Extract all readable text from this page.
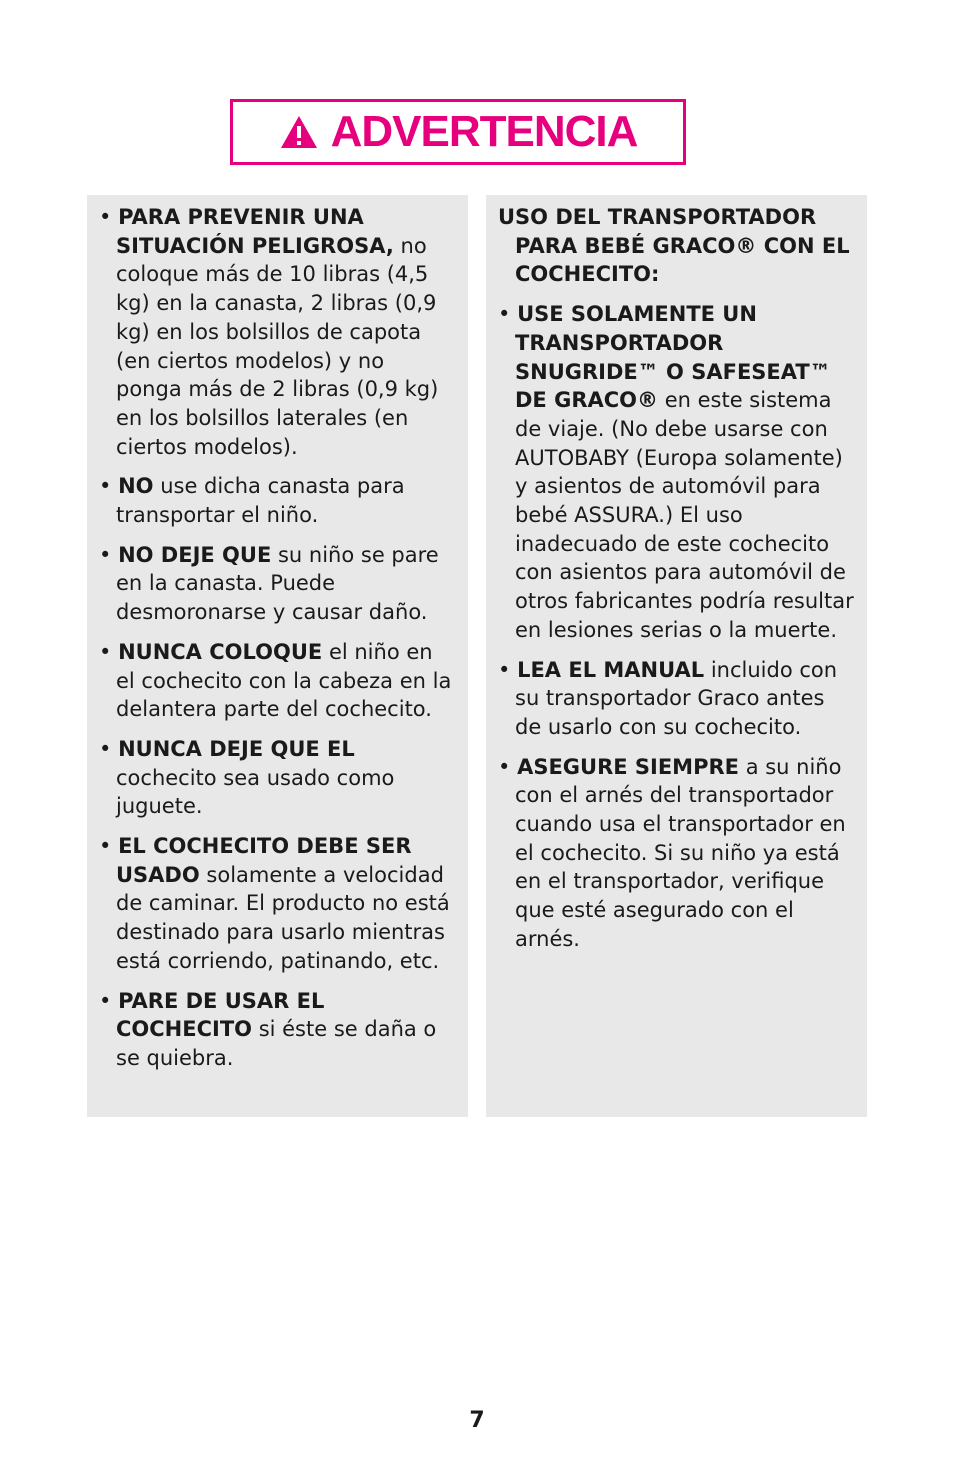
ADVERTENCIA
• PARA PREVENIR UNA SITUACIÓN PELIGROSA, no coloque más de 10 libras (4,5 kg) en la canasta, 2 libras (0,9 kg) en los bolsillos de capota (en ciertos modelos) y no ponga más de 2 libras (0,9 kg) en los bolsillos laterales (en ciertos modelos).
• NO use dicha canasta para transportar el niño.
• NO DEJE QUE su niño se pare en la canasta. Puede desmoronarse y causar daño.
• NUNCA COLOQUE el niño en el cochecito con la cabeza en la delantera parte del cochecito.
• NUNCA DEJE QUE EL cochecito sea usado como juguete.
• EL COCHECITO DEBE SER USADO solamente a velocidad de caminar. El producto no está destinado para usarlo mientras está corriendo, patinando, etc.
• PARE DE USAR EL COCHECITO si éste se daña o se quiebra.
USO DEL TRANSPORTADOR PARA BEBÉ GRACO® CON EL COCHECITO:
• USE SOLAMENTE UN TRANSPORTADOR SNUGRIDE™ O SAFESEAT™ DE GRACO® en este sistema de viaje. (No debe usarse con AUTOBABY (Europa solamente) y asientos de automóvil para bebé ASSURA.) El uso inadecuado de este cochecito con asientos para automóvil de otros fabricantes podría resultar en lesiones serias o la muerte.
• LEA EL MANUAL incluido con su transportador Graco antes de usarlo con su cochecito.
• ASEGURE SIEMPRE a su niño con el arnés del transportador cuando usa el transportador en el cochecito. Si su niño ya está en el transportador, verifique que esté asegurado con el arnés.
7
